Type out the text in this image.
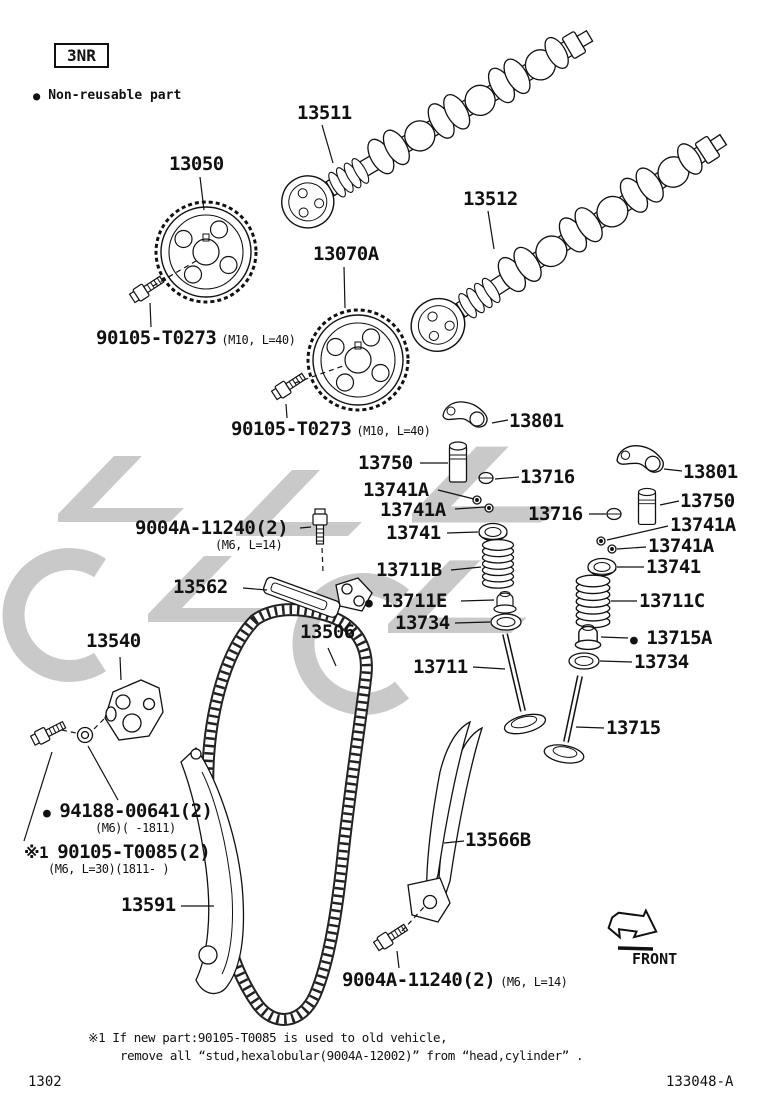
3NR
● Non-reusable part
13511
13050
13512
13070A
90105-T0273 (M10, L=40)
90105-T0273 (M10, L=40)	13801
13750
13716
13741A
13741A
13741
13716
13711B
● 13711E
13734
13711
13801
13750
13741A
13741A
13741
13711C
● 13715A
13734
13715
9004A-11240(2)
(M6, L=14)
13562
13540	13506
● 94188-00641(2)
(M6)( -1811)
※1 90105-T0085(2)
(M6, L=30)(1811- )
13591
13566B
9004A-11240(2) (M6, L=14)
FRONT
※1 If new part:90105-T0085 is used to old vehicle,
remove all “stud,hexalobular(9004A-12002)” from “head,cylinder” .
1302	133048-A
